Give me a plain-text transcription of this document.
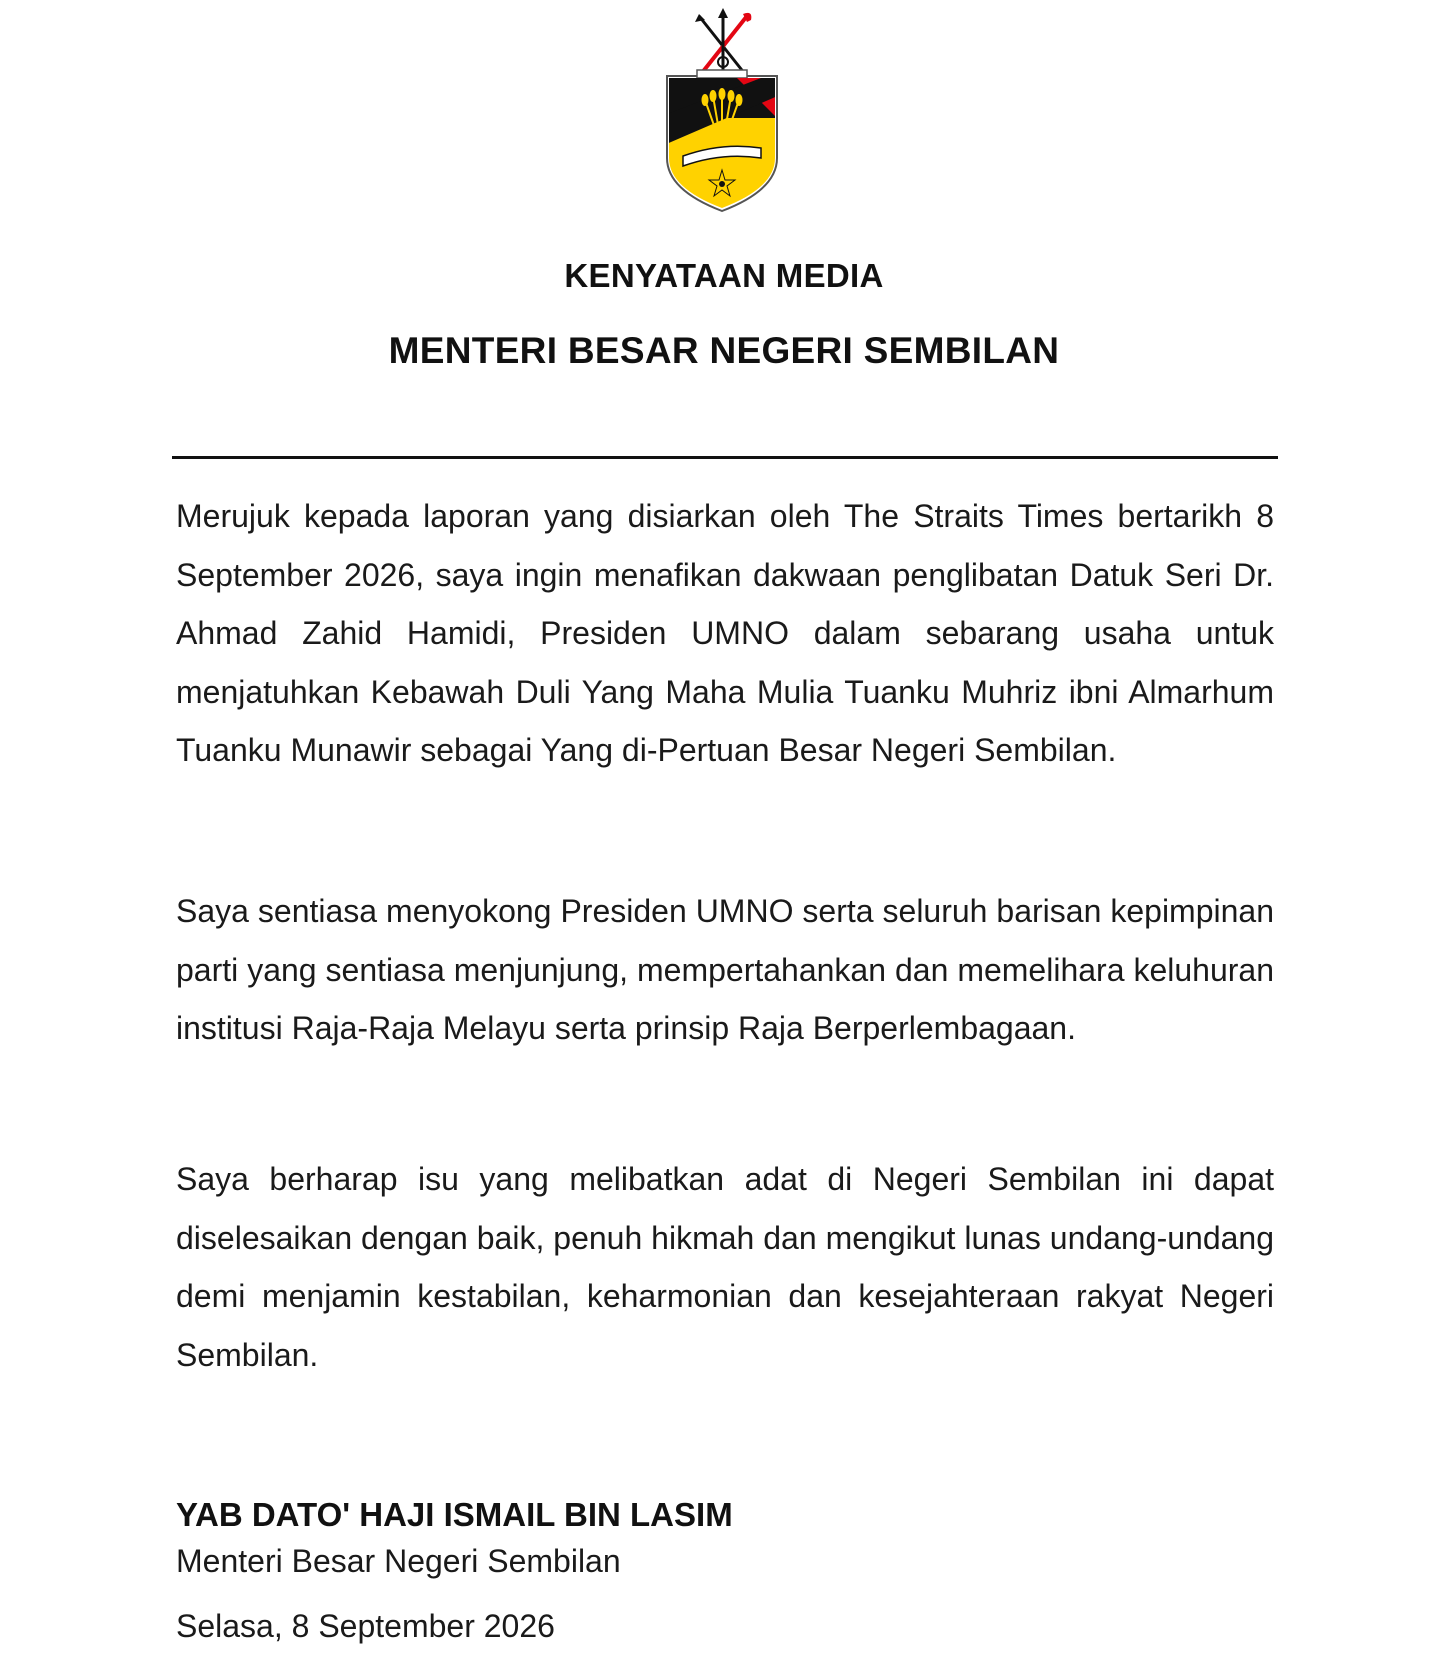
KENYATAAN MEDIA
MENTERI BESAR NEGERI SEMBILAN

Merujuk kepada laporan yang disiarkan oleh The Straits Times bertarikh 8 September 2026, saya ingin menafikan dakwaan penglibatan Datuk Seri Dr. Ahmad Zahid Hamidi, Presiden UMNO dalam sebarang usaha untuk menjatuhkan Kebawah Duli Yang Maha Mulia Tuanku Muhriz ibni Almarhum Tuanku Munawir sebagai Yang di-Pertuan Besar Negeri Sembilan.

Saya sentiasa menyokong Presiden UMNO serta seluruh barisan kepimpinan parti yang sentiasa menjunjung, mempertahankan dan memelihara keluhuran institusi Raja-Raja Melayu serta prinsip Raja Berperlembagaan.

Saya berharap isu yang melibatkan adat di Negeri Sembilan ini dapat diselesaikan dengan baik, penuh hikmah dan mengikut lunas undang-undang demi menjamin kestabilan, keharmonian dan kesejahteraan rakyat Negeri Sembilan.

YAB DATO' HAJI ISMAIL BIN LASIM

Menteri Besar Negeri Sembilan

Selasa, 8 September 2026
